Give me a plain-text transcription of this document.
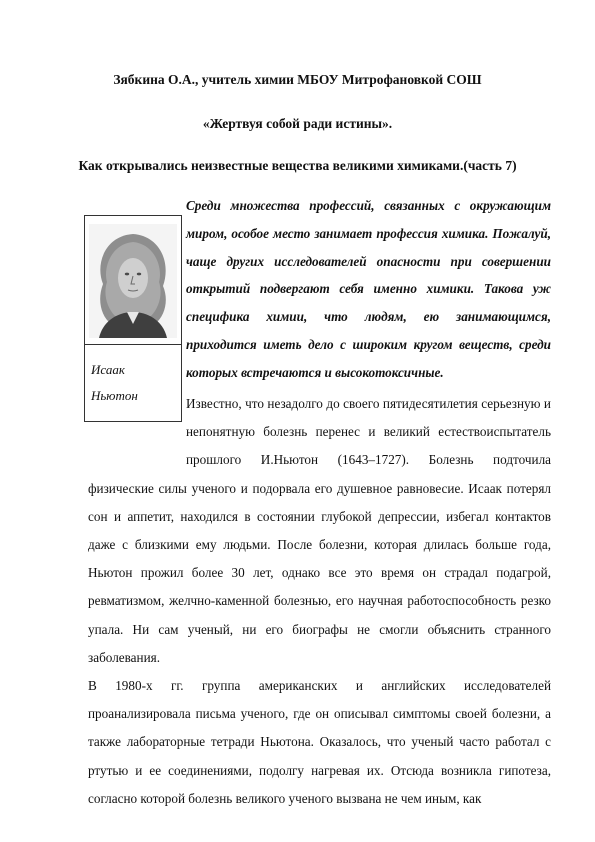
Зябкина О.А., учитель химии МБОУ Митрофановкой СОШ
«Жертвуя собой ради истины».
Как открывались неизвестные вещества великими химиками.(часть 7)
Среди множества профессий, связанных с окружающим миром, особое место занимает профессия химика. Пожалуй, чаще других исследователей опасности при совершении открытий подвергают себя именно химики. Такова уж специфика химии, что людям, ею занимающимся, приходится иметь дело с широким кругом веществ, среди которых встречаются и высокотоксичные.
Исаак
Ньютон

Известно, что незадолго до своего пятидесятилетия серьезную и непонятную болезнь перенес и великий естествоиспытатель прошлого И.Ньютон (1643–1727). Болезнь подточила физические силы ученого и подорвала его душевное равновесие. Исаак потерял сон и аппетит, находился в состоянии глубокой депрессии, избегал контактов даже с близкими ему людьми. После болезни, которая длилась больше года, Ньютон прожил более 30 лет, однако все это время он страдал подагрой, ревматизмом, желчно-каменной болезнью, его научная работоспособность резко упала. Ни сам ученый, ни его биографы не смогли объяснить странного заболевания.

В 1980-х гг. группа американских и английских исследователей проанализировала письма ученого, где он описывал симптомы своей болезни, а также лабораторные тетради Ньютона. Оказалось, что ученый часто работал с ртутью и ее соединениями, подолгу нагревая их. Отсюда возникла гипотеза, согласно которой болезнь великого ученого вызвана не чем иным, как
